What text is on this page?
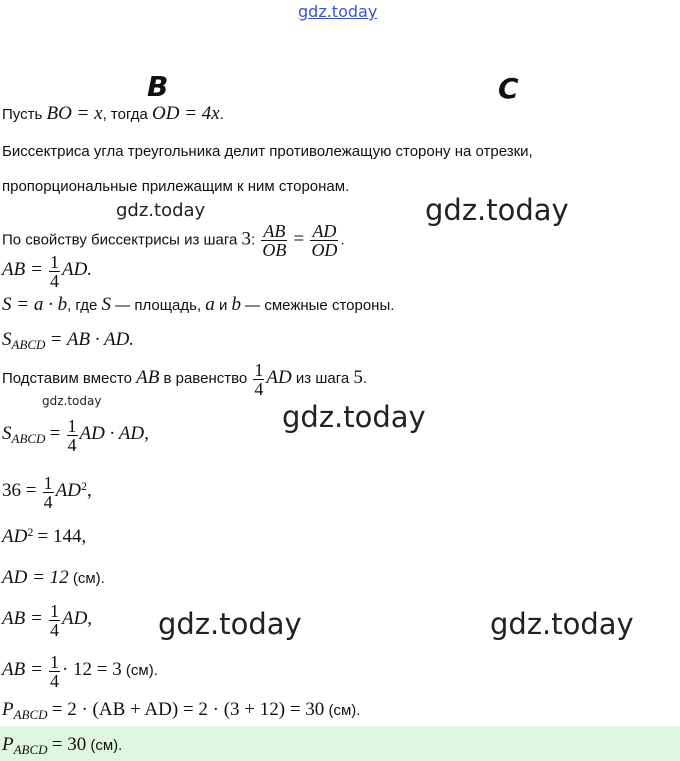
gdz.today
B	C
Пусть BO = x, тогда OD = 4x.
Биссектриса угла треугольника делит противолежащую сторону на отрезки,
пропорциональные прилежащим к ним сторонам.
gdz.today
По свойству биссектрисы из шага 3: $\frac{AB}{OB} = \frac{AD}{OD}$ .
gdz.today
AB = $\frac{1}{4}$ AD.
S = a · b, где S — площадь, a и b — смежные стороны.
$S_{ABCD}$ = AB · AD.
Подставим вместо AB в равенство $\frac{1}{4}$ AD из шага 5.
gdz.today	gdz.today
$S_{ABCD} = \frac{1}{4}$ AD · AD,
$36 = \frac{1}{4} AD^2$,
$AD^2 = 144$,
AD = 12 (см).
AB = $\frac{1}{4}$ AD, gdz.today	gdz.today
AB = $\frac{1}{4} \cdot 12 = 3$ (см).
$P_{ABCD} = 2 \cdot (AB + AD) = 2 \cdot (3 + 12) = 30$ (см).
$P_{ABCD} = 30$ (см).
